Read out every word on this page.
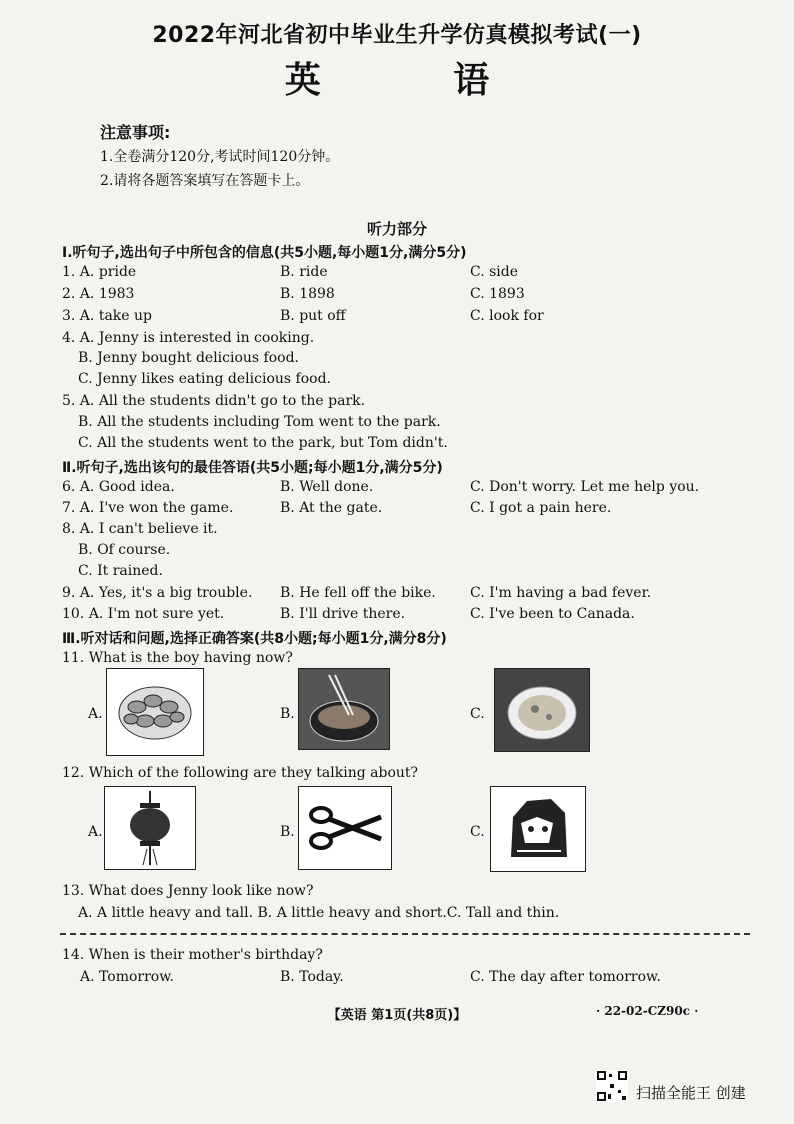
2022年河北省初中毕业生升学仿真模拟考试(一)
英 语
注意事项:
1.全卷满分120分,考试时间120分钟。
2.请将各题答案填写在答题卡上。
听力部分
Ⅰ.听句子,选出句子中所包含的信息(共5小题,每小题1分,满分5分)
1. A. pride	B. ride	C. side
2. A. 1983	B. 1898	C. 1893
3. A. take up	B. put off	C. look for
4. A. Jenny is interested in cooking.
B. Jenny bought delicious food.
C. Jenny likes eating delicious food.
5. A. All the students didn't go to the park.
B. All the students including Tom went to the park.
C. All the students went to the park, but Tom didn't.
Ⅱ.听句子,选出该句的最佳答语(共5小题;每小题1分,满分5分)
6. A. Good idea.	B. Well done.	C. Don't worry. Let me help you.
7. A. I've won the game.	B. At the gate.	C. I got a pain here.
8. A. I can't believe it.
B. Of course.
C. It rained.
9. A. Yes, it's a big trouble. B. He fell off the bike. C. I'm having a bad fever.
10. A. I'm not sure yet.	B. I'll drive there.	C. I've been to Canada.
Ⅲ.听对话和问题,选择正确答案(共8小题;每小题1分,满分8分)
11. What is the boy having now?
A.	B.	C.
12. Which of the following are they talking about?
A.	B.	C.
13. What does Jenny look like now?
A. A little heavy and tall. B. A little heavy and short.C. Tall and thin.
14. When is their mother's birthday?
A. Tomorrow.	B. Today.	C. The day after tomorrow.
【英语 第1页(共8页)】	· 22-02-CZ90c ·
扫描全能王 创建
